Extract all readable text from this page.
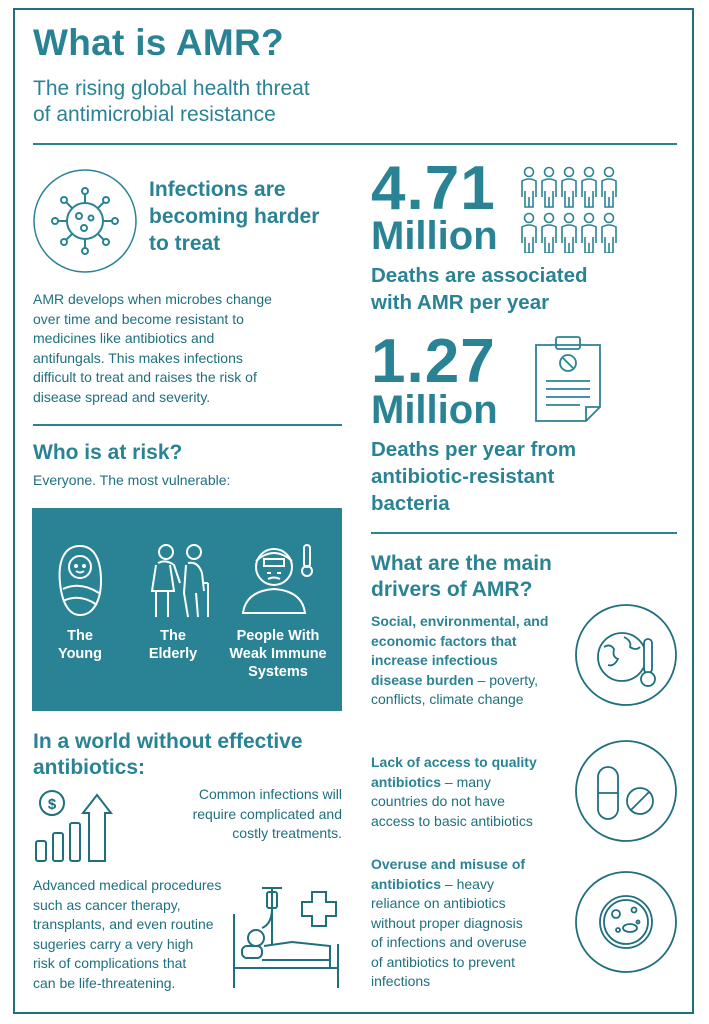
What is AMR?
The rising global health threat
of antimicrobial resistance
Infections are
becoming harder
to treat
AMR develops when microbes change
over time and become resistant to
medicines like antibiotics and
antifungals. This makes infections
difficult to treat and raises the risk of
disease spread and severity.
4.71
Million
Deaths are associated
with AMR per year
1.27
Million
Deaths per year from
antibiotic-resistant
bacteria
Who is at risk?
Everyone. The most vulnerable:
The
Young
The
Elderly
People With
Weak Immune
Systems
In a world without effective
antibiotics:
$
Common infections will
require complicated and
costly treatments.
Advanced medical procedures
such as cancer therapy,
transplants, and even routine
sugeries carry a very high
risk of complications that
can be life-threatening.
What are the main
drivers of AMR?
Social, environmental, and
economic factors that
increase infectious
disease burden – poverty,
conflicts, climate change
Lack of access to quality
antibiotics – many
countries do not have
access to basic antibiotics
Overuse and misuse of
antibiotics – heavy
reliance on antibiotics
without proper diagnosis
of infections and overuse
of antibiotics to prevent
infections
